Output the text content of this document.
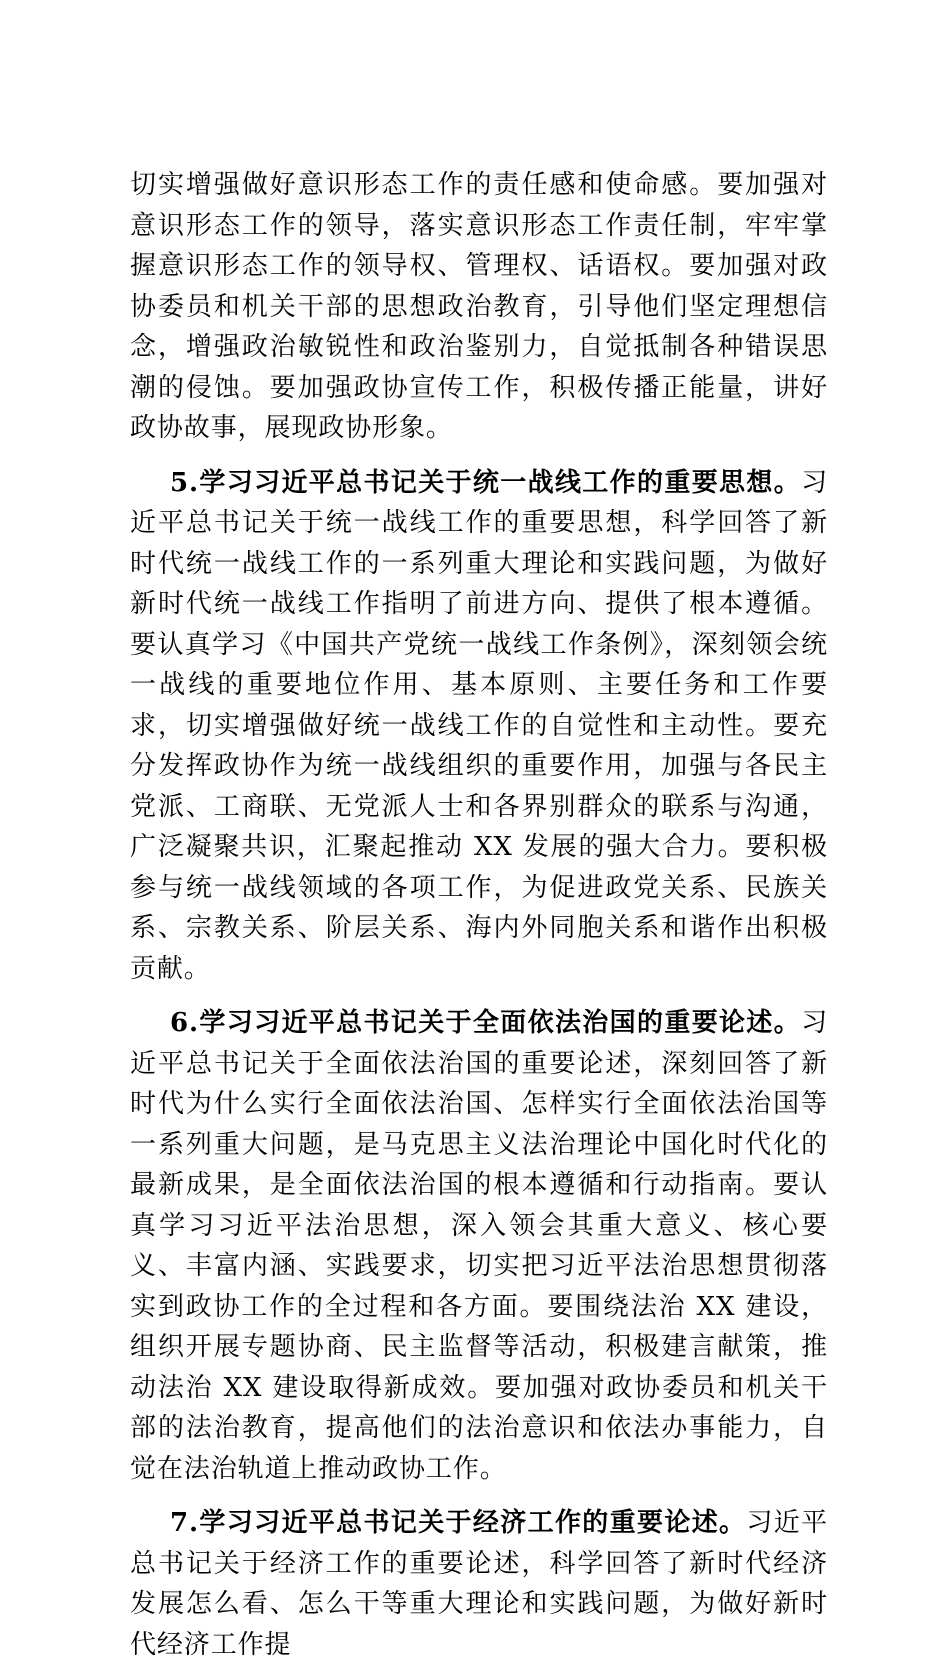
切实增强做好意识形态工作的责任感和使命感。要加强对意识形态工作的领导，落实意识形态工作责任制，牢牢掌握意识形态工作的领导权、管理权、话语权。要加强对政协委员和机关干部的思想政治教育，引导他们坚定理想信念，增强政治敏锐性和政治鉴别力，自觉抵制各种错误思潮的侵蚀。要加强政协宣传工作，积极传播正能量，讲好政协故事，展现政协形象。

5.学习习近平总书记关于统一战线工作的重要思想。习近平总书记关于统一战线工作的重要思想，科学回答了新时代统一战线工作的一系列重大理论和实践问题，为做好新时代统一战线工作指明了前进方向、提供了根本遵循。要认真学习《中国共产党统一战线工作条例》，深刻领会统一战线的重要地位作用、基本原则、主要任务和工作要求，切实增强做好统一战线工作的自觉性和主动性。要充分发挥政协作为统一战线组织的重要作用，加强与各民主党派、工商联、无党派人士和各界别群众的联系与沟通，广泛凝聚共识，汇聚起推动 XX 发展的强大合力。要积极参与统一战线领域的各项工作，为促进政党关系、民族关系、宗教关系、阶层关系、海内外同胞关系和谐作出积极贡献。

6.学习习近平总书记关于全面依法治国的重要论述。习近平总书记关于全面依法治国的重要论述，深刻回答了新时代为什么实行全面依法治国、怎样实行全面依法治国等一系列重大问题，是马克思主义法治理论中国化时代化的最新成果，是全面依法治国的根本遵循和行动指南。要认真学习习近平法治思想，深入领会其重大意义、核心要义、丰富内涵、实践要求，切实把习近平法治思想贯彻落实到政协工作的全过程和各方面。要围绕法治 XX 建设，组织开展专题协商、民主监督等活动，积极建言献策，推动法治 XX 建设取得新成效。要加强对政协委员和机关干部的法治教育，提高他们的法治意识和依法办事能力，自觉在法治轨道上推动政协工作。

7.学习习近平总书记关于经济工作的重要论述。习近平总书记关于经济工作的重要论述，科学回答了新时代经济发展怎么看、怎么干等重大理论和实践问题，为做好新时代经济工作提
